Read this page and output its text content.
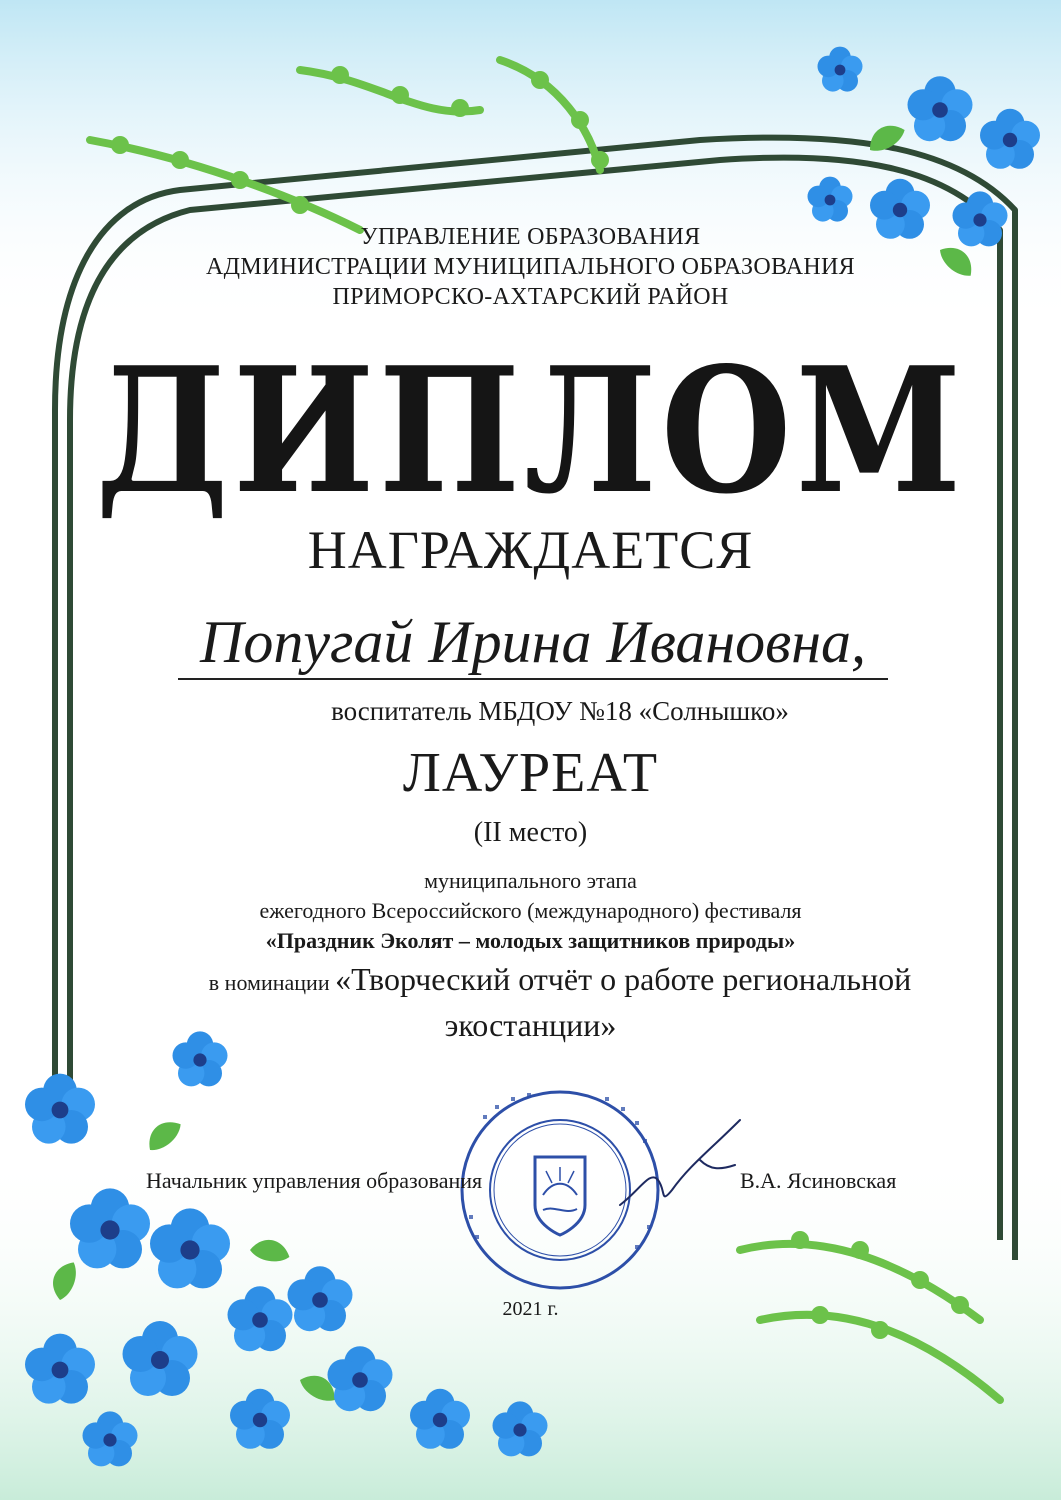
УПРАВЛЕНИЕ ОБРАЗОВАНИЯ
АДМИНИСТРАЦИИ МУНИЦИПАЛЬНОГО ОБРАЗОВАНИЯ
ПРИМОРСКО-АХТАРСКИЙ РАЙОН
ДИПЛОМ
НАГРАЖДАЕТСЯ
Попугай Ирина Ивановна,
воспитатель МБДОУ №18 «Солнышко»
ЛАУРЕАТ
(II место)
муниципального этапа
ежегодного Всероссийского (международного) фестиваля
«Праздник Эколят – молодых защитников природы»
в номинации «Творческий отчёт о работе региональной
экостанции»
Начальник управления образования	В.А. Ясиновская
2021 г.
